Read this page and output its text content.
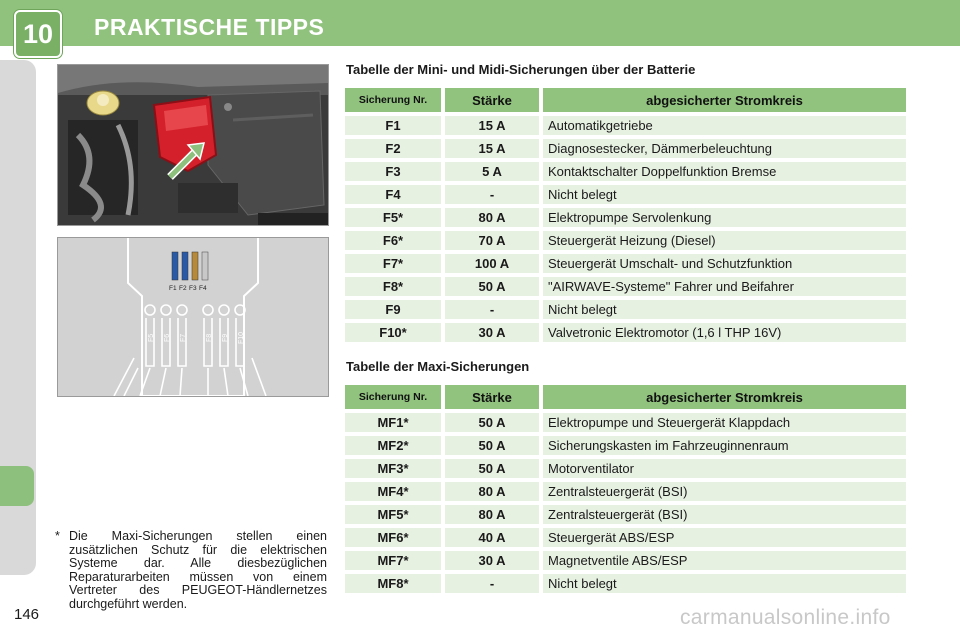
10	PRAKTISCHE TIPPS
F1 F2 F3 F4
F5 F6 F7	F8 F9 F10
Tabelle der Mini- und Midi-Sicherungen über der Batterie
Sicherung Nr.	Stärke	abgesicherter Stromkreis
F1	15 A	Automatikgetriebe
F2	15 A	Diagnosestecker, Dämmerbeleuchtung
F3	5 A	Kontaktschalter Doppelfunktion Bremse
F4	-	Nicht belegt
F5*	80 A	Elektropumpe Servolenkung
F6*	70 A	Steuergerät Heizung (Diesel)
F7*	100 A	Steuergerät Umschalt- und Schutzfunktion
F8*	50 A	"AIRWAVE-Systeme" Fahrer und Beifahrer
F9	-	Nicht belegt
F10*	30 A	Valvetronic Elektromotor (1,6 l THP 16V)
Tabelle der Maxi-Sicherungen
Sicherung Nr.	Stärke	abgesicherter Stromkreis
MF1*	50 A	Elektropumpe und Steuergerät Klappdach
MF2*	50 A	Sicherungskasten im Fahrzeuginnenraum
MF3*	50 A	Motorventilator
MF4*	80 A	Zentralsteuergerät (BSI)
MF5*	80 A	Zentralsteuergerät (BSI)
MF6*	40 A	Steuergerät ABS/ESP
MF7*	30 A	Magnetventile ABS/ESP
MF8*	-	Nicht belegt
* Die Maxi-Sicherungen stellen einen zusätzlichen Schutz für die elektrischen Systeme dar. Alle diesbezüglichen Reparaturarbeiten müssen von einem Vertreter des PEUGEOT-Händlernetzes durchgeführt werden.
146	carmanualsonline.info
